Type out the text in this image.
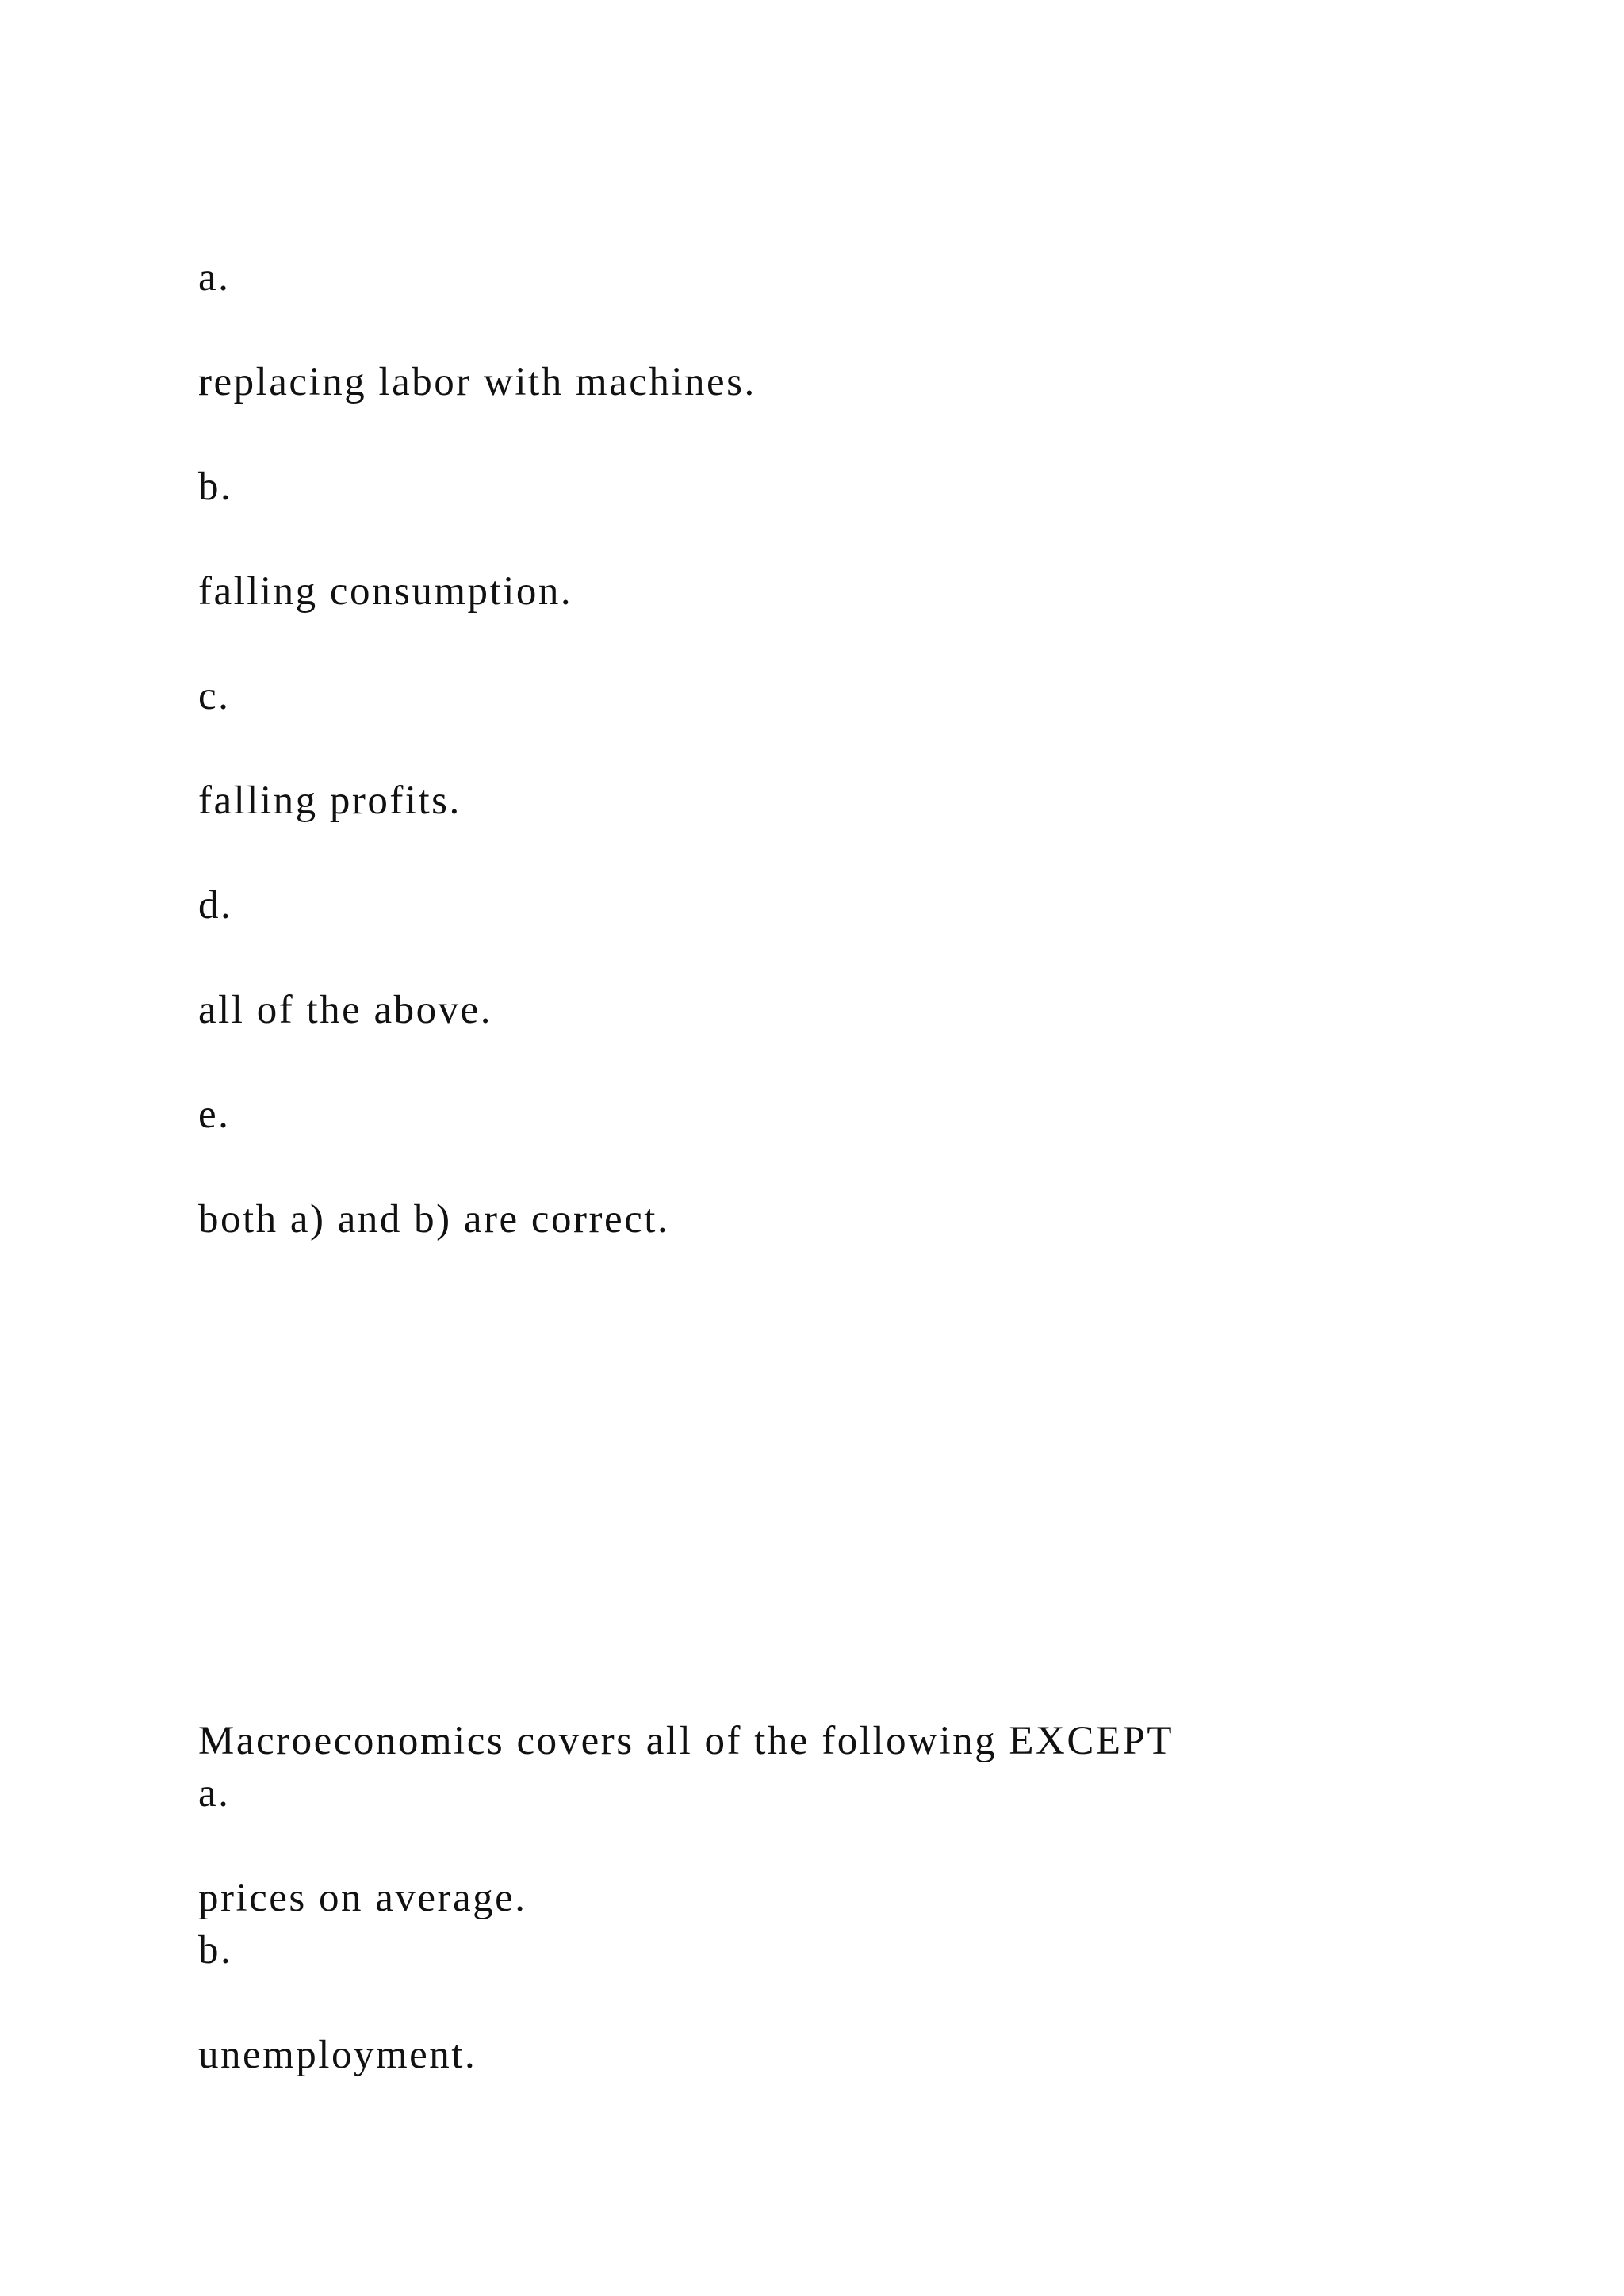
a.

replacing labor with machines.

b.

falling consumption.

c.

falling profits.

d.

all of the above.

e.

both a) and b) are correct.

Macroeconomics covers all of the following EXCEPT

a.

prices on average.

b.

unemployment.
